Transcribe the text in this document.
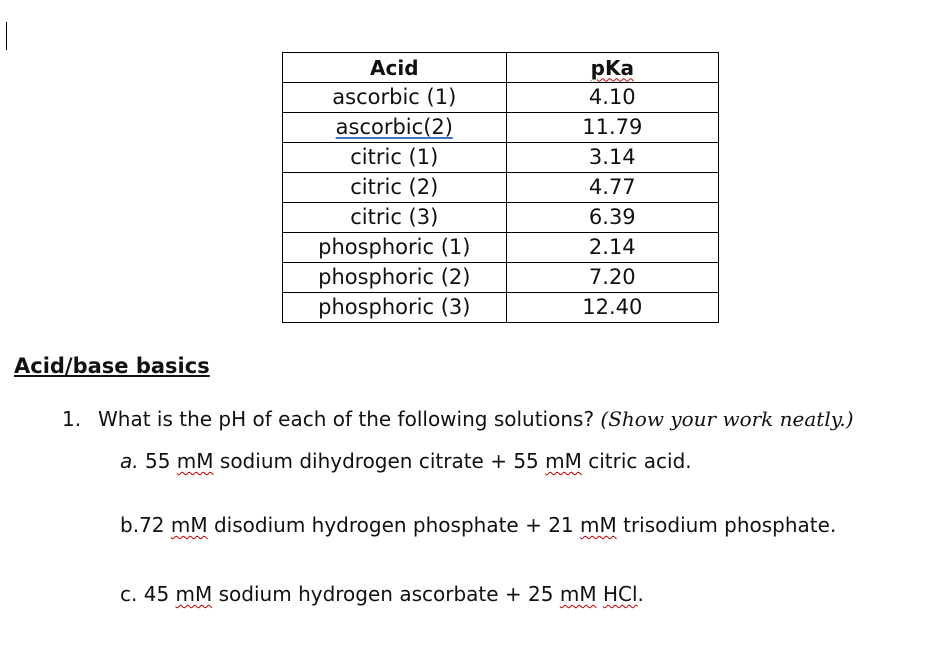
Acid	pKa
ascorbic (1)	4.10
ascorbic(2)	11.79
citric (1)	3.14
citric (2)	4.77
citric (3)	6.39
phosphoric (1)	2.14
phosphoric (2)	7.20
phosphoric (3)	12.40
Acid/base basics
1. What is the pH of each of the following solutions? (Show your work neatly.)
a. 55 mM sodium dihydrogen citrate + 55 mM citric acid.
b.72 mM disodium hydrogen phosphate + 21 mM trisodium phosphate.
c. 45 mM sodium hydrogen ascorbate + 25 mM HCl.
